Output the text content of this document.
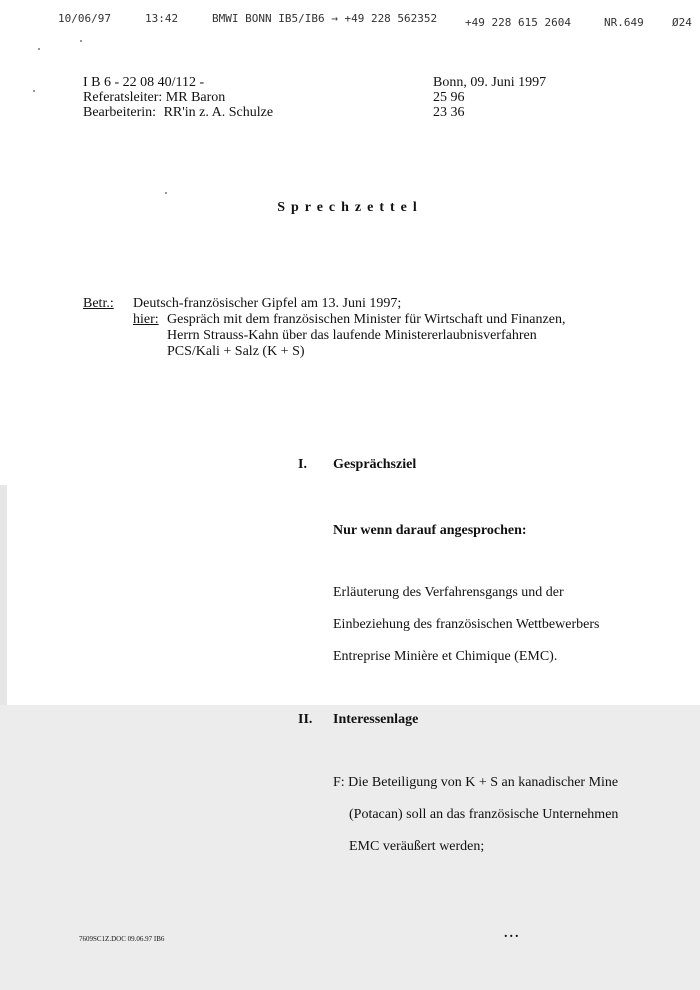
10/06/97	13:42	BMWI BONN IB5/IB6 → +49 228 562352	+49 228 615 2604	NR.649	Ø24
I B 6 - 22 08 40/112 -
Referatsleiter: MR Baron
Bearbeiterin: RR'in z. A. Schulze
Bonn, 09. Juni 1997
25 96
23 36
Sprechzettel
Betr.: Deutsch-französischer Gipfel am 13. Juni 1997;
hier: Gespräch mit dem französischen Minister für Wirtschaft und Finanzen,
Herrn Strauss-Kahn über das laufende Ministererlaubnisverfahren
PCS/Kali + Salz (K + S)
I. Gesprächsziel
Nur wenn darauf angesprochen:
Erläuterung des Verfahrensgangs und der
Einbeziehung des französischen Wettbewerbers
Entreprise Minière et Chimique (EMC).
II. Interessenlage
F: Die Beteiligung von K + S an kanadischer Mine
(Potacan) soll an das französische Unternehmen
EMC veräußert werden;
7609SC1Z.DOC 09.06.97 IB6	...
